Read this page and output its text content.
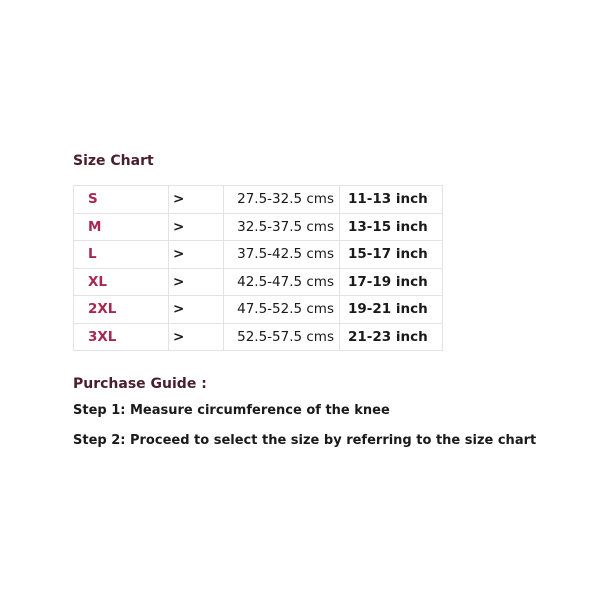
Size Chart
S	>	27.5-32.5 cms	11-13 inch
M	>	32.5-37.5 cms	13-15 inch
L	>	37.5-42.5 cms	15-17 inch
XL	>	42.5-47.5 cms	17-19 inch
2XL	>	47.5-52.5 cms	19-21 inch
3XL	>	52.5-57.5 cms	21-23 inch
Purchase Guide :
Step 1: Measure circumference of the knee
Step 2: Proceed to select the size by referring to the size chart
